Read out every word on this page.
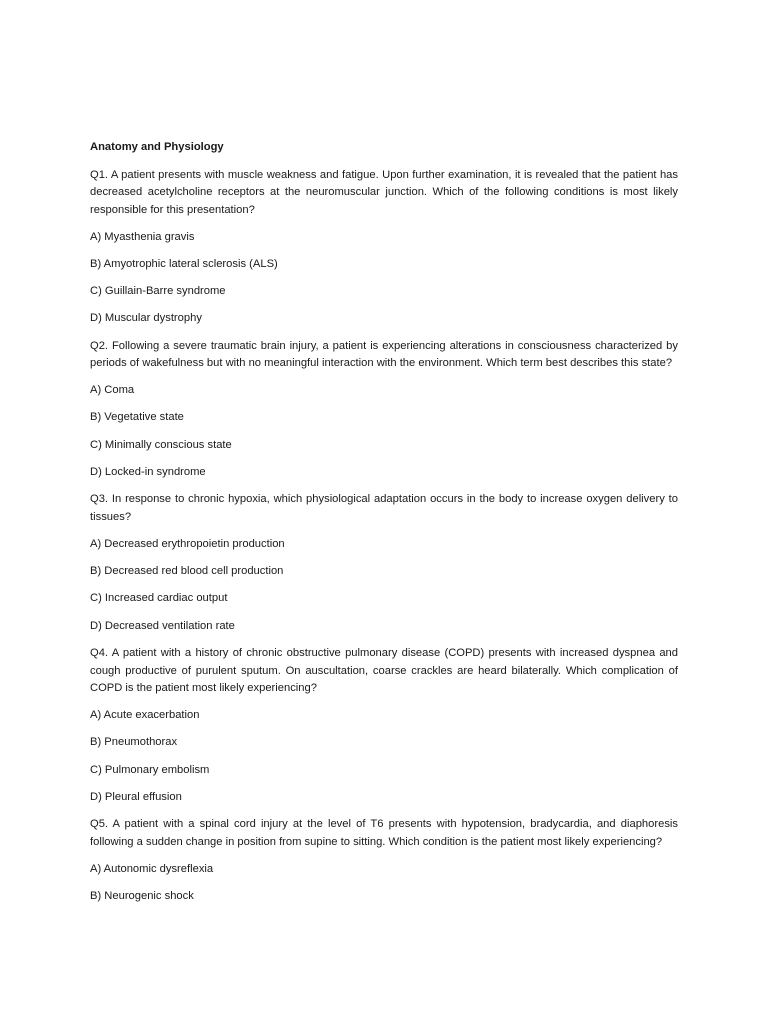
Anatomy and Physiology
Q1. A patient presents with muscle weakness and fatigue. Upon further examination, it is revealed that the patient has decreased acetylcholine receptors at the neuromuscular junction. Which of the following conditions is most likely responsible for this presentation?
A) Myasthenia gravis
B) Amyotrophic lateral sclerosis (ALS)
C) Guillain-Barre syndrome
D) Muscular dystrophy
Q2. Following a severe traumatic brain injury, a patient is experiencing alterations in consciousness characterized by periods of wakefulness but with no meaningful interaction with the environment. Which term best describes this state?
A) Coma
B) Vegetative state
C) Minimally conscious state
D) Locked-in syndrome
Q3. In response to chronic hypoxia, which physiological adaptation occurs in the body to increase oxygen delivery to tissues?
A) Decreased erythropoietin production
B) Decreased red blood cell production
C) Increased cardiac output
D) Decreased ventilation rate
Q4. A patient with a history of chronic obstructive pulmonary disease (COPD) presents with increased dyspnea and cough productive of purulent sputum. On auscultation, coarse crackles are heard bilaterally. Which complication of COPD is the patient most likely experiencing?
A) Acute exacerbation
B) Pneumothorax
C) Pulmonary embolism
D) Pleural effusion
Q5. A patient with a spinal cord injury at the level of T6 presents with hypotension, bradycardia, and diaphoresis following a sudden change in position from supine to sitting. Which condition is the patient most likely experiencing?
A) Autonomic dysreflexia
B) Neurogenic shock
